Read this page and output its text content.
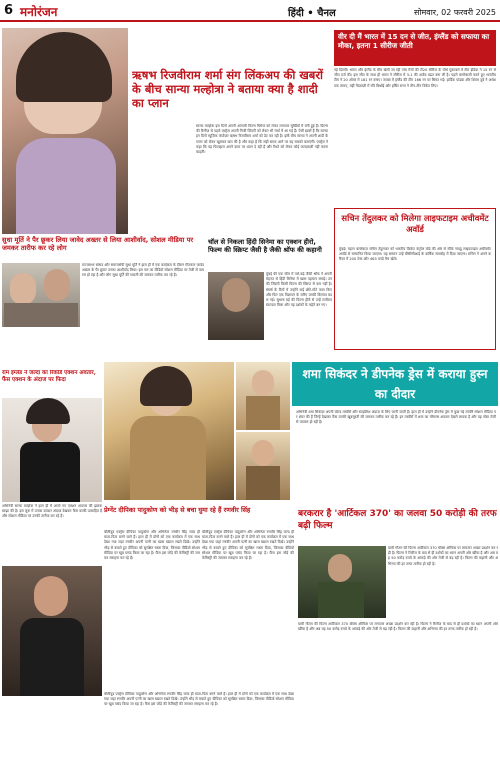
6 मनोरंजन	हिंदी • चैनल	सोमवार, 02 फरवरी 2025
ऋषभ रिजवीराम शर्मा संग लिंकअप की खबरों के बीच सान्या मल्होत्रा ने बताया क्या है शादी का प्लान
सान्या मल्होत्रा इस दिनों अपनी आगामी फिल्म मिसेज को लेकर लगातार सुर्खियों में बनी हुई हैं। फ़िल्म की रिलीज़ से पहले एक्ट्रेस अपनी निजी ज़िंदगी को लेकर भी चर्चा में आ गई हैं। ऐसी ख़बरें हैं कि सान्या इन दिनों म्यूज़िक कंपोज़र ऋषभ रिजवीराम शर्मा को डेट कर रही हैं। इसी बीच सान्या ने अपनी शादी के प्लान को लेकर खुलकर बात की है और कहा है कि सही समय आने पर वह सबको बताएंगी। एक्ट्रेस ने कहा कि वह फिलहाल अपने काम पर ध्यान दे रही हैं और रिश्ते को लेकर कोई जल्दबाज़ी नहीं करना चाहतीं।
वीर दी मैं भारत में 15 दन से जीत, इंग्लैंड को सफाया का मौका, इतना 1 सीरीज जीती
नई दिल्ली। भारत और इंग्लैंड के बीच खेली जा रही पांच मैचों की टी20 सीरीज के चौथे मुकाबले में टीम इंडिया ने 15 रन से जीत दर्ज की। इस जीत के साथ ही भारत ने सीरीज में 3-1 की अजेय बढ़त बना ली है। पहले बल्लेबाज़ी करते हुए भारतीय टीम ने 20 ओवर में 181 रन बनाए। जवाब में इंग्लैंड की टीम 166 रन पर सिमट गई। हार्दिक पांड्या और शिवम दुबे ने अर्धशतक लगाए, वहीं गेंदबाज़ी में रवि बिश्नोई और हर्षित राणा ने तीन-तीन विकेट लिए।
सचिन तेंदुलकर को मिलेगा लाइफटाइम अचीवमेंट अवॉर्ड
मुंबई। महान बल्लेबाज़ सचिन तेंदुलकर को भारतीय क्रिकेट कंट्रोल बोर्ड की ओर से सीके नायडू लाइफटाइम अचीवमेंट अवॉर्ड से सम्मानित किया जाएगा। यह सम्मान उन्हें बीसीसीआई के वार्षिक समारोह में दिया जाएगा। सचिन ने अपने करियर में 200 टेस्ट और 463 वनडे मैच खेले।
सुधा मूर्ति ने पैर छूकर लिया जावेद अख्तर से लिया आशीर्वाद, सोशल मीडिया पर जमकर तारीफ कर रहे लोग
राज्यसभा सांसद और समाजसेवी सुधा मूर्ति ने हाल ही में एक कार्यक्रम के दौरान गीतकार जावेद अख्तर के पैर छूकर उनका आशीर्वाद लिया। इस पल का वीडियो सोशल मीडिया पर तेजी से वायरल हो रहा है और लोग सुधा मूर्ति की सादगी की जमकर तारीफ कर रहे हैं।
चॉल से निकला हिंदी सिनेमा का एक्शन हीरो, फिल्म की स्क्रिप्ट जैसी है जैकी श्रॉफ की कहानी
मुंबई की एक चॉल में पले-बढ़े जैकी श्रॉफ ने अपनी मेहनत से हिंदी सिनेमा में खास पहचान बनाई। उनकी जिंदगी किसी फिल्म की स्क्रिप्ट से कम नहीं है। संघर्ष के दिनों में उन्होंने कई छोटे-मोटे काम किए और फिर एक विज्ञापन के जरिए उनकी किस्मत बदल गई। सुभाष घई की फिल्म हीरो से उन्हें रातोंरात स्टारडम मिला और वह दर्शकों के चहेते बन गए।
राम इंग्लेंड ने जल्दा का रिकॉर्ड एक्शन अवतार, फैंस एक्शन के अंदाज पर फिदा
अभिनेत्री सान्या मल्होत्रा ने हाल ही में अपने नए एक्शन अवतार की झलक साझा की है। इस लुक में उनका दमदार अंदाज़ देखकर फैंस काफी उत्साहित हैं और सोशल मीडिया पर उनकी तारीफ कर रहे हैं।
शमा सिकंदर ने डीपनेक ड्रेस में कराया हुस्न का दीदार
अभिनेत्री शमा सिकंदर अपनी बोल्ड तस्वीरों और स्टाइलिश अंदाज़ के लिए जानी जाती हैं। हाल ही में उन्होंने डीपनेक ड्रेस में कुछ नई तस्वीरें सोशल मीडिया पर शेयर की हैं जिन्हें देखकर फैंस उनकी खूबसूरती की जमकर तारीफ कर रहे हैं। इन तस्वीरों में शमा का ग्लैमरस अवतार देखने लायक है और यह पोस्ट तेजी से वायरल हो रही है।
प्रेग्नेंट दीपिका पादुकोण को भीड़ से बचा घुमा रहे हैं रणवीर सिंह
बॉलीवुड एक्ट्रेस दीपिका पादुकोण और अभिनेता रणवीर सिंह जल्द ही माता-पिता बनने वाले हैं। हाल ही में दोनों को एक कार्यक्रम में एक साथ देखा गया जहां रणवीर अपनी पत्नी का खास ख्याल रखते दिखे। उन्होंने भीड़ से बचाते हुए दीपिका को सुरक्षित रास्ता दिया, जिसका वीडियो सोशल मीडिया पर खूब पसंद किया जा रहा है। फैंस इस जोड़े की केमिस्ट्री की जमकर सराहना कर रहे हैं।
बॉलीवुड एक्ट्रेस दीपिका पादुकोण और अभिनेता रणवीर सिंह जल्द ही माता-पिता बनने वाले हैं। हाल ही में दोनों को एक कार्यक्रम में एक साथ देखा गया जहां रणवीर अपनी पत्नी का खास ख्याल रखते दिखे। उन्होंने भीड़ से बचाते हुए दीपिका को सुरक्षित रास्ता दिया, जिसका वीडियो सोशल मीडिया पर खूब पसंद किया जा रहा है। फैंस इस जोड़े की केमिस्ट्री की जमकर सराहना कर रहे हैं।
बॉलीवुड एक्ट्रेस दीपिका पादुकोण और अभिनेता रणवीर सिंह जल्द ही माता-पिता बनने वाले हैं। हाल ही में दोनों को एक कार्यक्रम में एक साथ देखा गया जहां रणवीर अपनी पत्नी का खास ख्याल रखते दिखे। उन्होंने भीड़ से बचाते हुए दीपिका को सुरक्षित रास्ता दिया, जिसका वीडियो सोशल मीडिया पर खूब पसंद किया जा रहा है। फैंस इस जोड़े की केमिस्ट्री की जमकर सराहना कर रहे हैं।
बरकरार है 'आर्टिकल 370' का जलवा 50 करोड़ी की तरफ बढ़ी फिल्म
यामी गौतम की फिल्म आर्टिकल 370 बॉक्स ऑफिस पर लगातार अच्छा प्रदर्शन कर रही है। फिल्म ने रिलीज के बाद से ही दर्शकों का ध्यान अपनी ओर खींचा है और अब यह 50 करोड़ रुपये के आंकड़े की ओर तेजी से बढ़ रही है। फिल्म की कहानी और अभिनय की हर तरफ तारीफ हो रही है।
यामी गौतम की फिल्म आर्टिकल 370 बॉक्स ऑफिस पर लगातार अच्छा प्रदर्शन कर रही है। फिल्म ने रिलीज के बाद से ही दर्शकों का ध्यान अपनी ओर खींचा है और अब यह 50 करोड़ रुपये के आंकड़े की ओर तेजी से बढ़ रही है। फिल्म की कहानी और अभिनय की हर तरफ तारीफ हो रही है।
